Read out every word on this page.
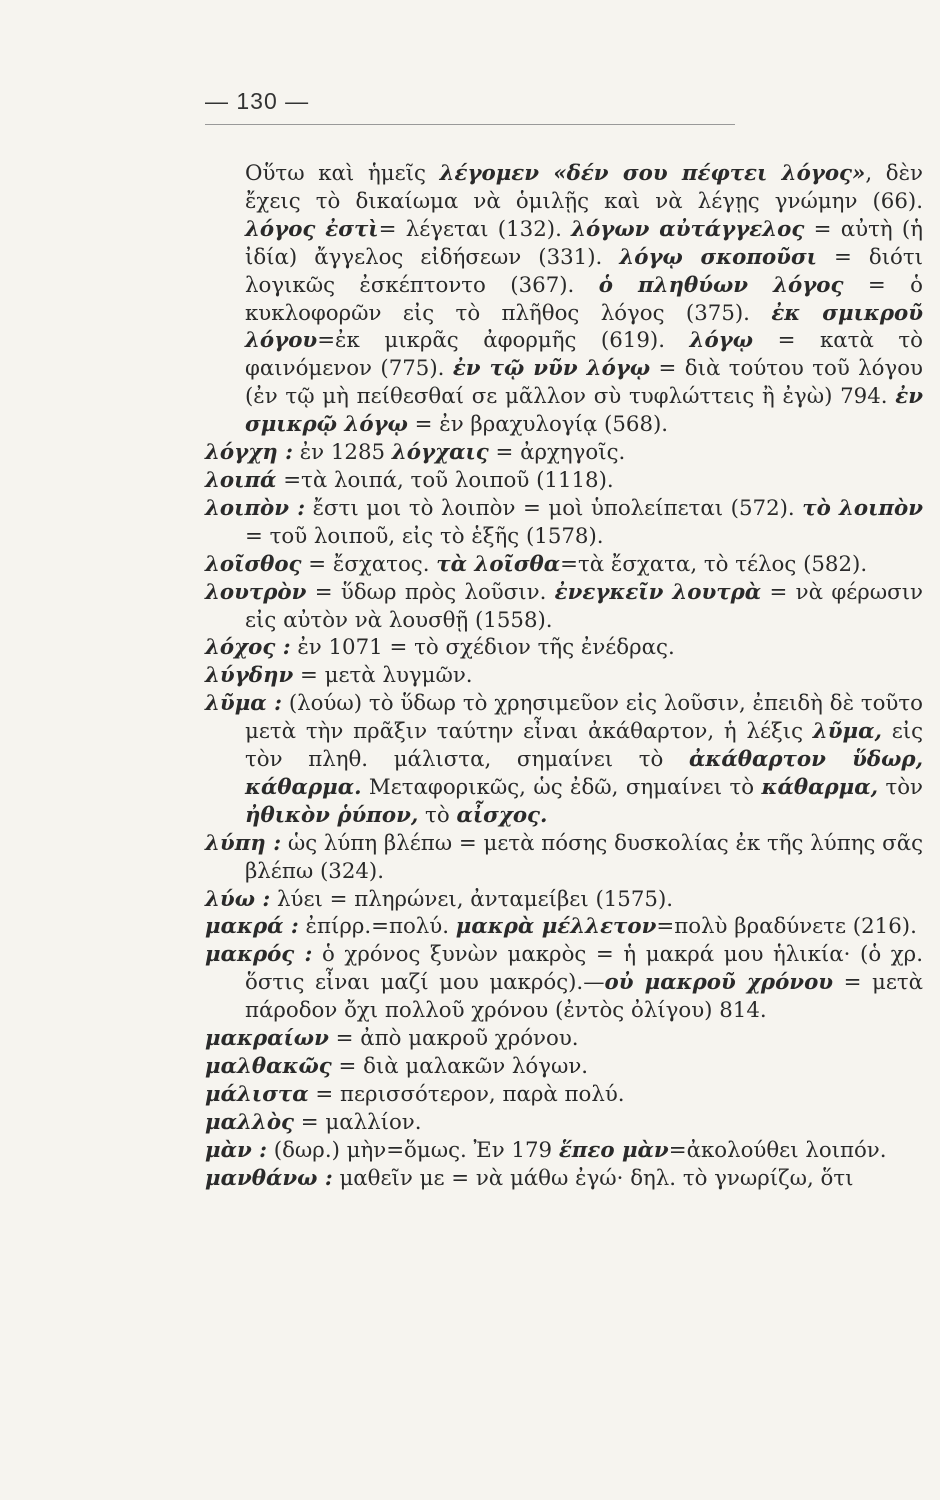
— 130 —

Οὕτω καὶ ἡμεῖς λέγομεν «δέν σου πέφτει λόγος», δὲν ἔχεις τὸ δικαίωμα νὰ ὁμιλῇς καὶ νὰ λέγῃς γνώμην (66). λόγος ἐστὶ= λέγεται (132). λόγων αὐτάγγελος = αὐτὴ (ἡ ἰδία) ἄγγελος εἰδήσεων (331). λόγῳ σκοποῦσι = διότι λογικῶς ἐσκέπτοντο (367). ὁ πληθύων λόγος = ὁ κυκλοφορῶν εἰς τὸ πλῆθος λόγος (375). ἐκ σμικροῦ λόγου=ἐκ μικρᾶς ἀφορμῆς (619). λόγῳ = κατὰ τὸ φαινόμενον (775). ἐν τῷ νῦν λόγῳ = διὰ τούτου τοῦ λόγου (ἐν τῷ μὴ πείθεσθαί σε μᾶλλον σὺ τυφλώττεις ἢ ἐγὼ) 794. ἐν σμικρῷ λόγῳ = ἐν βραχυλογίᾳ (568).

λόγχη : ἐν 1285 λόγχαις = ἀρχηγοῖς.

λοιπά =τὰ λοιπά, τοῦ λοιποῦ (1118).

λοιπὸν : ἔστι μοι τὸ λοιπὸν = μοὶ ὑπολείπεται (572). τὸ λοιπὸν = τοῦ λοιποῦ, εἰς τὸ ἑξῆς (1578).

λοῖσθος = ἔσχατος. τὰ λοῖσθα=τὰ ἔσχατα, τὸ τέλος (582).

λουτρὸν = ὕδωρ πρὸς λοῦσιν. ἐνεγκεῖν λουτρὰ = νὰ φέρωσιν εἰς αὐτὸν νὰ λουσθῇ (1558).

λόχος : ἐν 1071 = τὸ σχέδιον τῆς ἐνέδρας.

λύγδην = μετὰ λυγμῶν.

λῦμα : (λούω) τὸ ὕδωρ τὸ χρησιμεῦον εἰς λοῦσιν, ἐπειδὴ δὲ τοῦτο μετὰ τὴν πρᾶξιν ταύτην εἶναι ἀκάθαρτον, ἡ λέξις λῦμα, εἰς τὸν πληθ. μάλιστα, σημαίνει τὸ ἀκάθαρτον ὕδωρ, κάθαρμα. Μεταφορικῶς, ὡς ἐδῶ, σημαίνει τὸ κάθαρμα, τὸν ἠθικὸν ῥύπον, τὸ αἶσχος.

λύπη : ὡς λύπη βλέπω = μετὰ πόσης δυσκολίας ἐκ τῆς λύπης σᾶς βλέπω (324).

λύω : λύει = πληρώνει, ἀνταμείβει (1575).

μακρά : ἐπίρρ.=πολύ. μακρὰ μέλλετον=πολὺ βραδύνετε (216).

μακρός : ὁ χρόνος ξυνὼν μακρὸς = ἡ μακρά μου ἡλικία· (ὁ χρ. ὅστις εἶναι μαζί μου μακρός).—οὐ μακροῦ χρόνου = μετὰ πάροδον ὄχι πολλοῦ χρόνου (ἐντὸς ὀλίγου) 814.

μακραίων = ἀπὸ μακροῦ χρόνου.

μαλθακῶς = διὰ μαλακῶν λόγων.

μάλιστα = περισσότερον, παρὰ πολύ.

μαλλὸς = μαλλίον.

μὰν : (δωρ.) μὴν=ὅμως. Ἐν 179 ἕπεο μὰν=ἀκολούθει λοιπόν.

μανθάνω : μαθεῖν με = νὰ μάθω ἐγώ· δηλ. τὸ γνωρίζω, ὅτι
